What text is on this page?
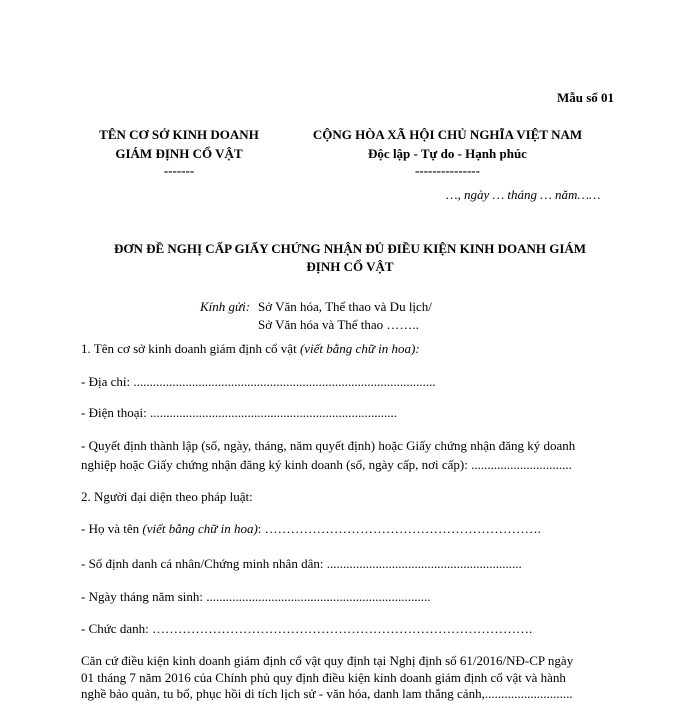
Mẫu số 01
TÊN CƠ SỞ KINH DOANH
GIÁM ĐỊNH CỔ VẬT
-------
CỘNG HÒA XÃ HỘI CHỦ NGHĨA VIỆT NAM
Độc lập - Tự do - Hạnh phúc
---------------
…, ngày … tháng … năm……
ĐƠN ĐỀ NGHỊ CẤP GIẤY CHỨNG NHẬN ĐỦ ĐIỀU KIỆN KINH DOANH GIÁM
ĐỊNH CỔ VẬT
Kính gửi: Sở Văn hóa, Thể thao và Du lịch/
Sở Văn hóa và Thể thao ……..
1. Tên cơ sở kinh doanh giám định cổ vật (viết bằng chữ in hoa):
- Địa chỉ: .............................................................................................
- Điện thoại: ............................................................................
- Quyết định thành lập (số, ngày, tháng, năm quyết định) hoặc Giấy chứng nhận đăng ký doanh
nghiệp hoặc Giấy chứng nhận đăng ký kinh doanh (số, ngày cấp, nơi cấp): ...............................
2. Người đại diện theo pháp luật:
- Họ và tên (viết bằng chữ in hoa): ……………………………………………………….
- Số định danh cá nhân/Chứng minh nhân dân: ............................................................
- Ngày tháng năm sinh: .....................................................................
- Chức danh: …………………………………………………………………………….
Căn cứ điều kiện kinh doanh giám định cổ vật quy định tại Nghị định số 61/2016/NĐ-CP ngày
01 tháng 7 năm 2016 của Chính phủ quy định điều kiện kinh doanh giám định cổ vật và hành
nghề bảo quản, tu bổ, phục hồi di tích lịch sử - văn hóa, danh lam thắng cảnh,...........................
